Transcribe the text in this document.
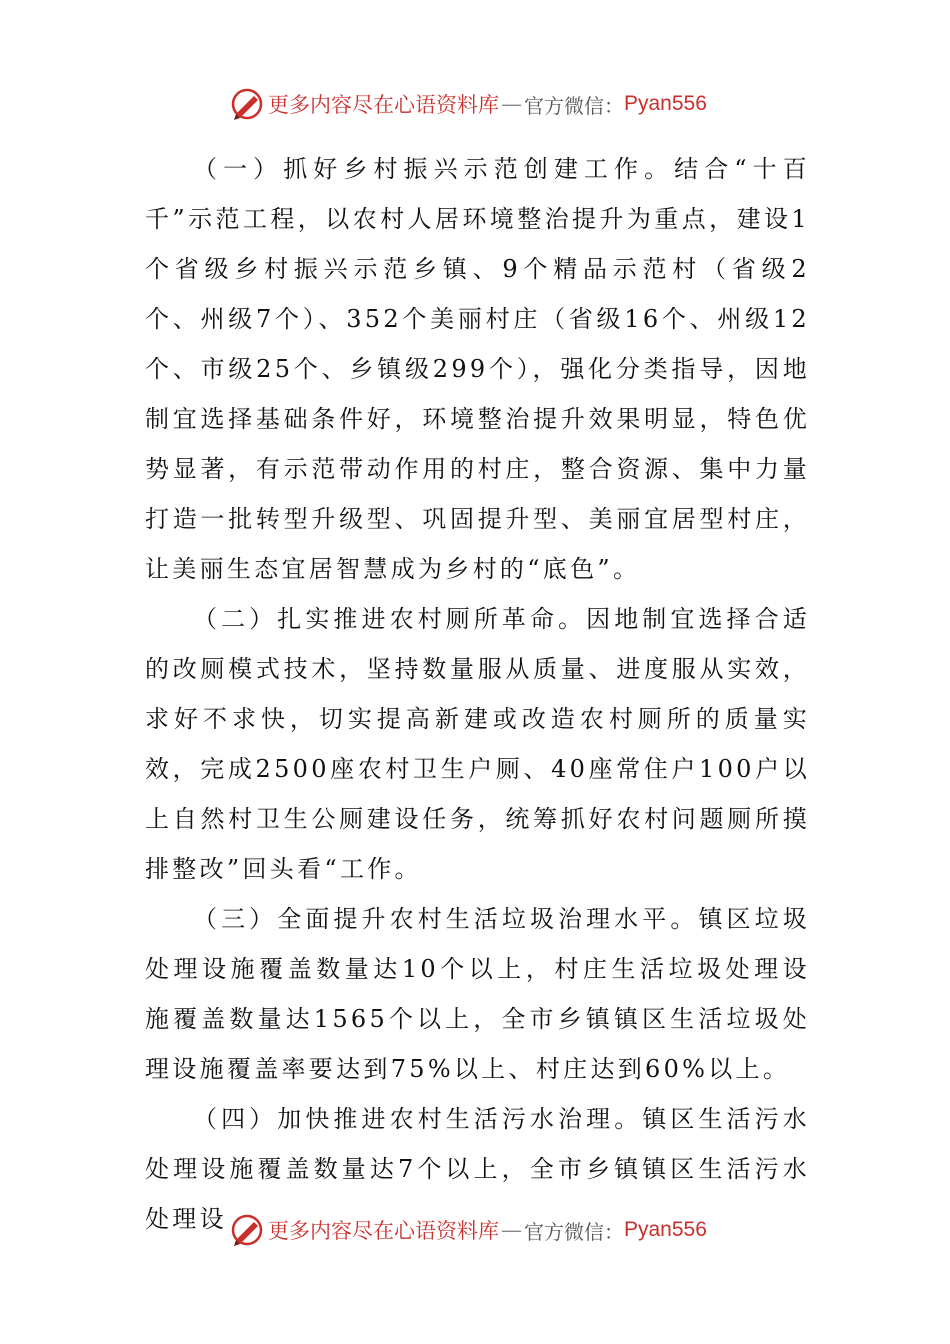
更多内容尽在心语资料库 — 官方微信： Pyan556

（一）抓好乡村振兴示范创建工作。结合“十百千”示范工程，以农村人居环境整治提升为重点，建设1个省级乡村振兴示范乡镇、9个精品示范村（省级2个、州级7个）、352个美丽村庄（省级16个、州级12个、市级25个、乡镇级299个），强化分类指导，因地制宜选择基础条件好，环境整治提升效果明显，特色优势显著，有示范带动作用的村庄，整合资源、集中力量打造一批转型升级型、巩固提升型、美丽宜居型村庄，让美丽生态宜居智慧成为乡村的“底色”。

（二）扎实推进农村厕所革命。因地制宜选择合适的改厕模式技术，坚持数量服从质量、进度服从实效，求好不求快，切实提高新建或改造农村厕所的质量实效，完成2500座农村卫生户厕、40座常住户100户以上自然村卫生公厕建设任务，统筹抓好农村问题厕所摸排整改”回头看“工作。

（三）全面提升农村生活垃圾治理水平。镇区垃圾处理设施覆盖数量达10个以上，村庄生活垃圾处理设施覆盖数量达1565个以上，全市乡镇镇区生活垃圾处理设施覆盖率要达到75%以上、村庄达到60%以上。

（四）加快推进农村生活污水治理。镇区生活污水处理设施覆盖数量达7个以上，全市乡镇镇区生活污水处理设	更多内容尽在心语资料库 — 官方微信： Pyan556
